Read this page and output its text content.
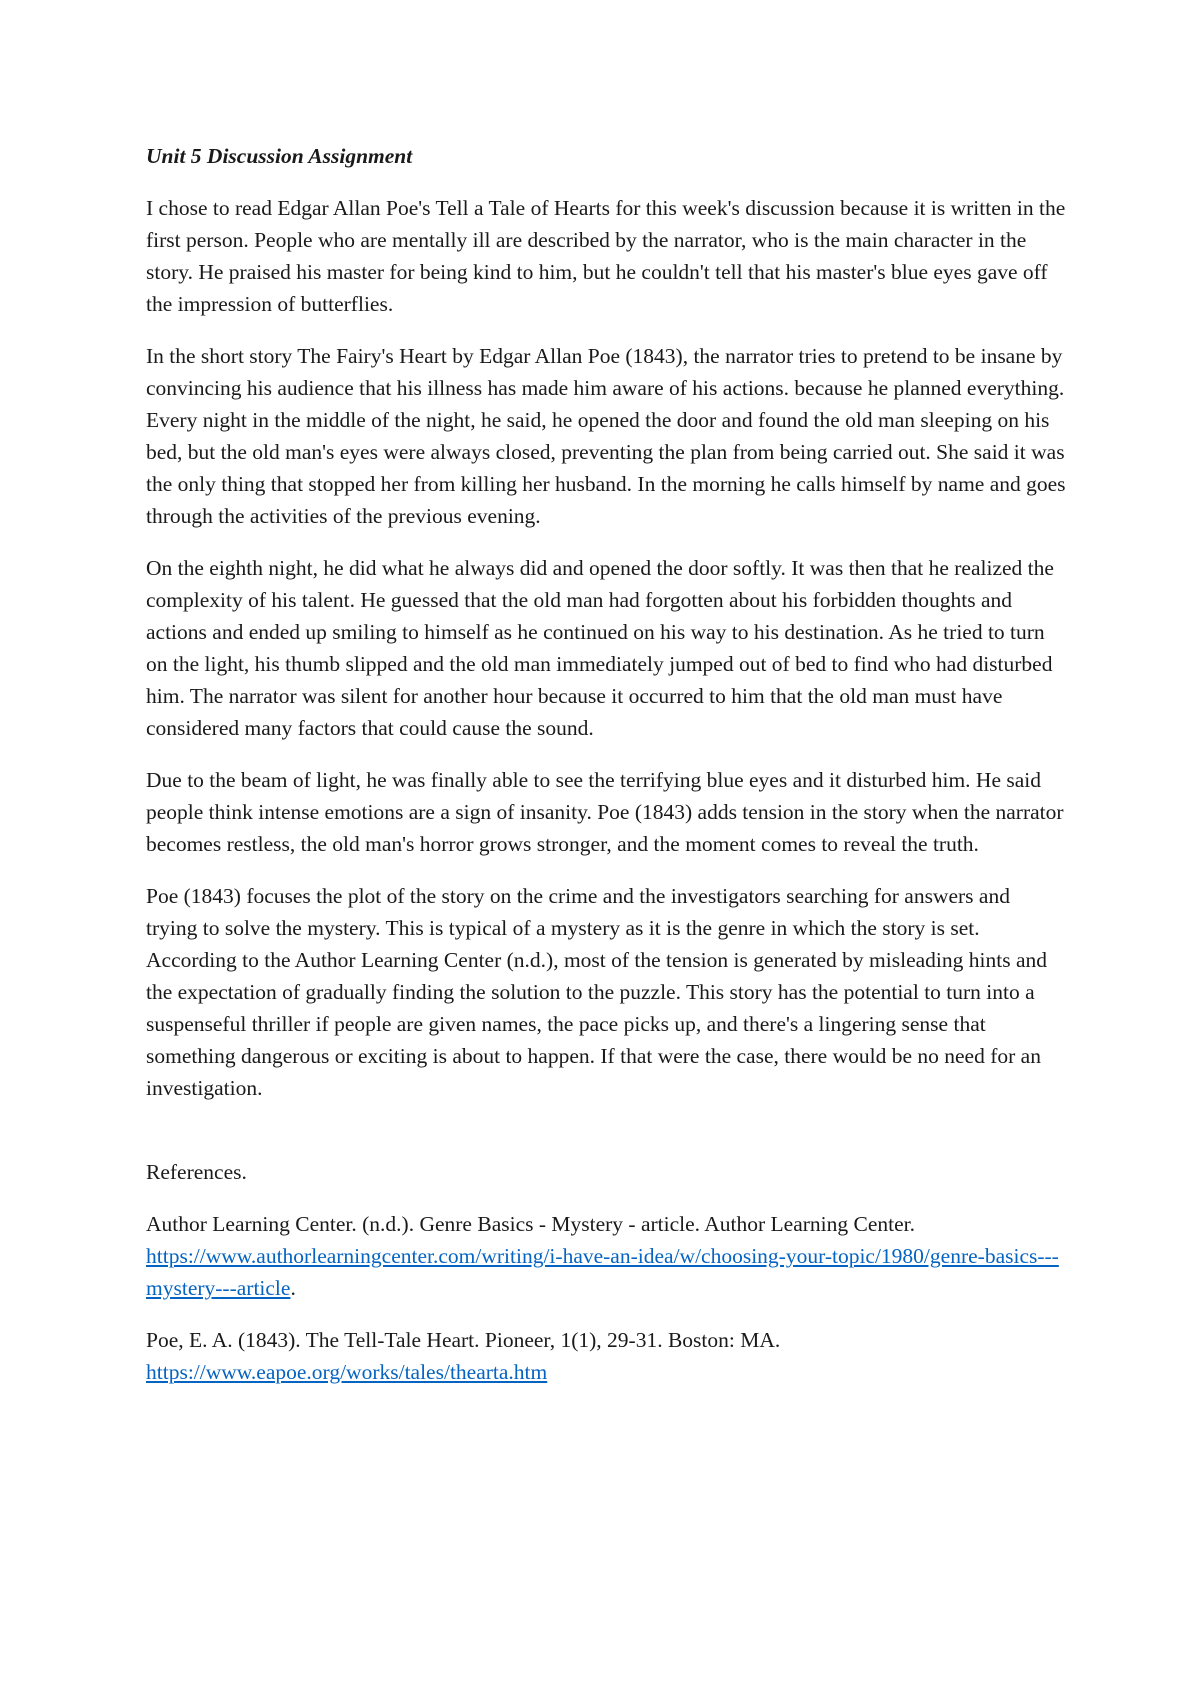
Unit 5 Discussion Assignment

I chose to read Edgar Allan Poe's Tell a Tale of Hearts for this week's discussion because it is written in the first person. People who are mentally ill are described by the narrator, who is the main character in the story. He praised his master for being kind to him, but he couldn't tell that his master's blue eyes gave off the impression of butterflies.

In the short story The Fairy's Heart by Edgar Allan Poe (1843), the narrator tries to pretend to be insane by convincing his audience that his illness has made him aware of his actions. because he planned everything. Every night in the middle of the night, he said, he opened the door and found the old man sleeping on his bed, but the old man's eyes were always closed, preventing the plan from being carried out. She said it was the only thing that stopped her from killing her husband. In the morning he calls himself by name and goes through the activities of the previous evening.

On the eighth night, he did what he always did and opened the door softly. It was then that he realized the complexity of his talent. He guessed that the old man had forgotten about his forbidden thoughts and actions and ended up smiling to himself as he continued on his way to his destination. As he tried to turn on the light, his thumb slipped and the old man immediately jumped out of bed to find who had disturbed him. The narrator was silent for another hour because it occurred to him that the old man must have considered many factors that could cause the sound.

Due to the beam of light, he was finally able to see the terrifying blue eyes and it disturbed him. He said people think intense emotions are a sign of insanity. Poe (1843) adds tension in the story when the narrator becomes restless, the old man's horror grows stronger, and the moment comes to reveal the truth.

Poe (1843) focuses the plot of the story on the crime and the investigators searching for answers and trying to solve the mystery. This is typical of a mystery as it is the genre in which the story is set. According to the Author Learning Center (n.d.), most of the tension is generated by misleading hints and the expectation of gradually finding the solution to the puzzle. This story has the potential to turn into a suspenseful thriller if people are given names, the pace picks up, and there's a lingering sense that something dangerous or exciting is about to happen. If that were the case, there would be no need for an investigation.

References.

Author Learning Center. (n.d.). Genre Basics - Mystery - article. Author Learning Center.
https://www.authorlearningcenter.com/writing/i-have-an-idea/w/choosing-your-topic/1980/genre-basics---mystery---article.

Poe, E. A. (1843). The Tell-Tale Heart. Pioneer, 1(1), 29-31. Boston: MA.
https://www.eapoe.org/works/tales/thearta.htm
